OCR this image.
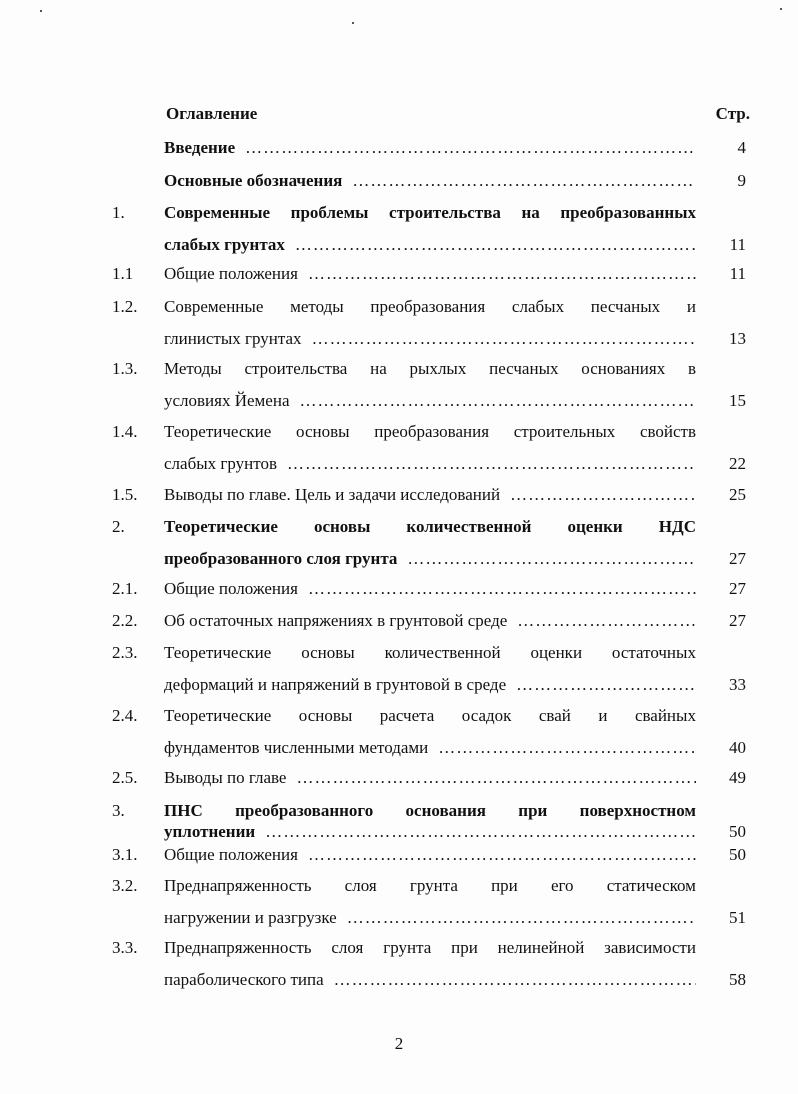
Оглавление	Стр.
Введение ………………………………………………………………………………………………………………………………………………………………	4
Основные обозначения ………………………………………………………………………………………………………………………………………………………………	9
1.	Современные проблемы строительства на преобразованных
слабых грунтах ………………………………………………………………………………………………………………………………………………………………	11
1.1	Общие положения ………………………………………………………………………………………………………………………………………………………………	11
1.2.	Современные методы преобразования слабых песчаных и
глинистых грунтах ………………………………………………………………………………………………………………………………………………………………	13
1.3.	Методы строительства на рыхлых песчаных основаниях в
условиях Йемена ………………………………………………………………………………………………………………………………………………………………	15
1.4.	Теоретические основы преобразования строительных свойств
слабых грунтов ………………………………………………………………………………………………………………………………………………………………	22
1.5.	Выводы по главе. Цель и задачи исследований ………………………………………………………………………………………………………………………………………………………………	25
2.	Теоретические основы количественной оценки НДС
преобразованного слоя грунта ………………………………………………………………………………………………………………………………………………………………	27
2.1.	Общие положения ………………………………………………………………………………………………………………………………………………………………	27
2.2.	Об остаточных напряжениях в грунтовой среде ………………………………………………………………………………………………………………………………………………………………	27
2.3.	Теоретические основы количественной оценки остаточных
деформаций и напряжений в грунтовой в среде ………………………………………………………………………………………………………………………………………………………………	33
2.4.	Теоретические основы расчета осадок свай и свайных
фундаментов численными методами ………………………………………………………………………………………………………………………………………………………………	40
2.5.	Выводы по главе ………………………………………………………………………………………………………………………………………………………………	49
3.	ПНС преобразованного основания при поверхностном
уплотнении ………………………………………………………………………………………………………………………………………………………………	50
3.1.	Общие положения ………………………………………………………………………………………………………………………………………………………………	50
3.2.	Преднапряженность слоя грунта при его статическом
нагружении и разгрузке ………………………………………………………………………………………………………………………………………………………………	51
3.3.	Преднапряженность слоя грунта при нелинейной зависимости
параболического типа ………………………………………………………………………………………………………………………………………………………………	58
2
